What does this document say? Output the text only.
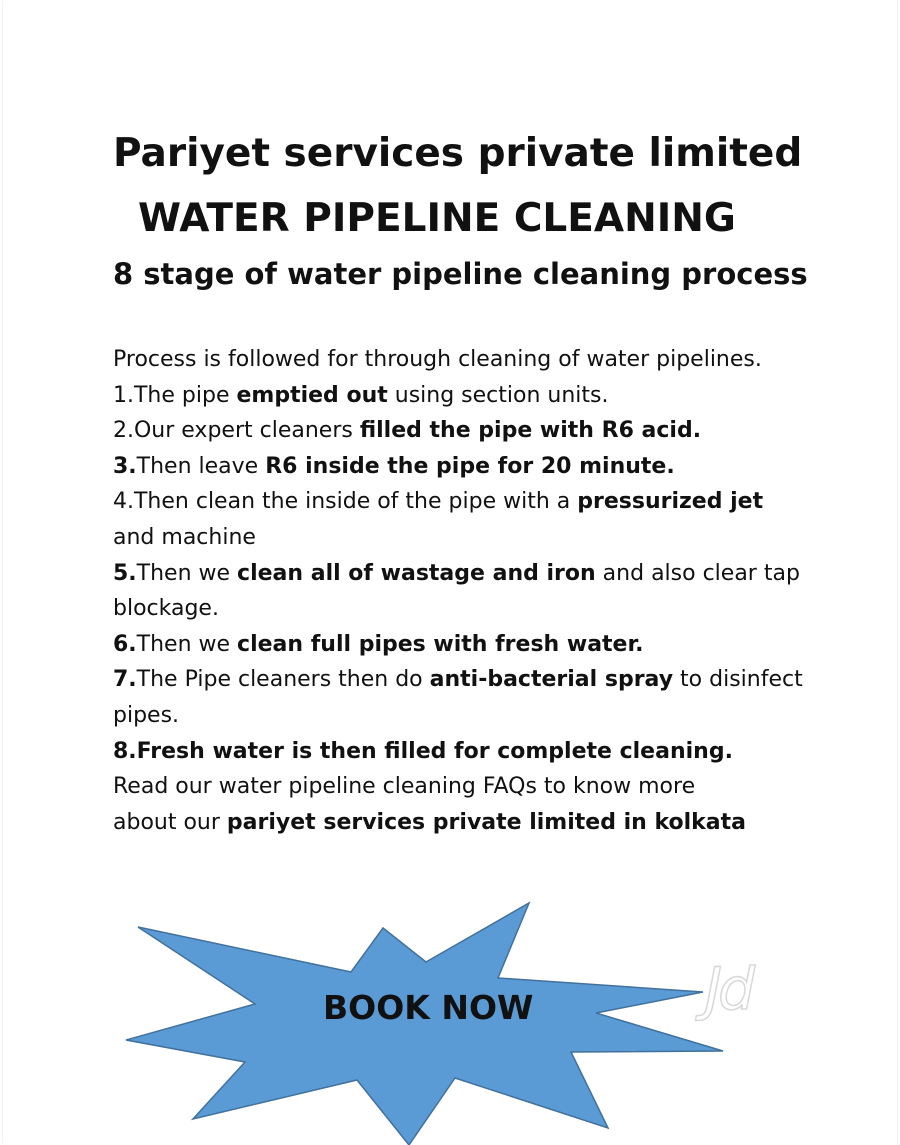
Pariyet services private limited
WATER PIPELINE CLEANING
8 stage of water pipeline cleaning process

Process is followed for through cleaning of water pipelines.

1.The pipe emptied out using section units.

2.Our expert cleaners filled the pipe with R6 acid.

3.Then leave R6 inside the pipe for 20 minute.

4.Then clean the inside of the pipe with a pressurized jet and machine

5.Then we clean all of wastage and iron and also clear tap blockage.

6.Then we clean full pipes with fresh water.

7.The Pipe cleaners then do anti-bacterial spray to disinfect pipes.

8.Fresh water is then filled for complete cleaning.

Read our water pipeline cleaning FAQs to know more

about our pariyet services private limited in kolkata

BOOK NOW	Jd
